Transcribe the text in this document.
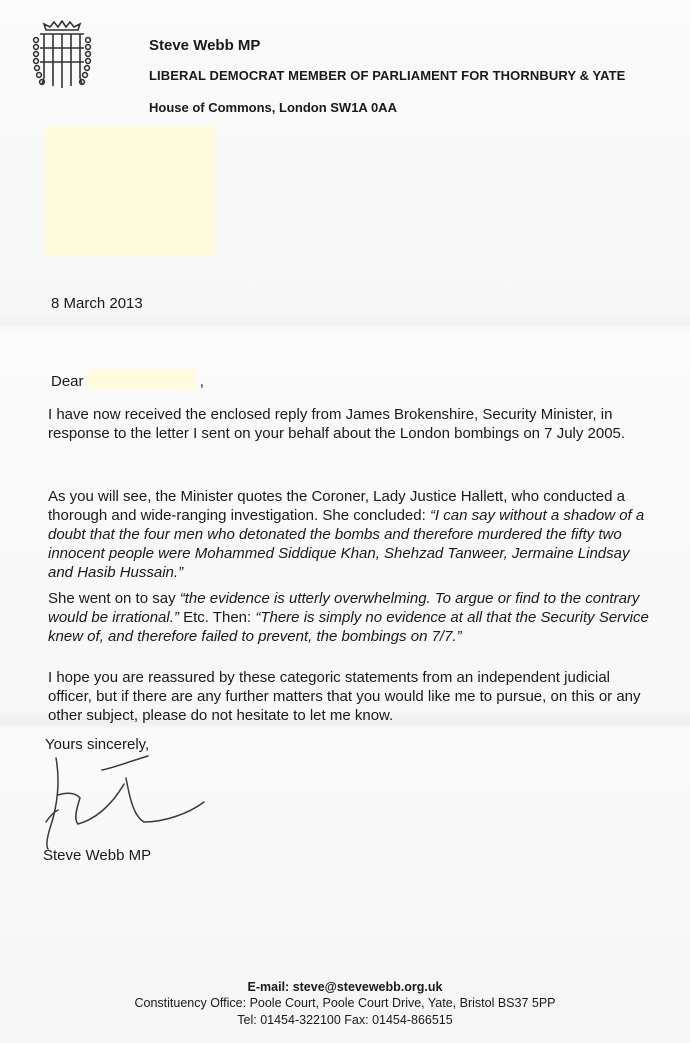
Steve Webb MP
LIBERAL DEMOCRAT MEMBER OF PARLIAMENT FOR THORNBURY & YATE
House of Commons, London SW1A 0AA
8 March 2013
Dear	,
I have now received the enclosed reply from James Brokenshire, Security Minister, in response to the letter I sent on your behalf about the London bombings on 7 July 2005.
As you will see, the Minister quotes the Coroner, Lady Justice Hallett, who conducted a thorough and wide-ranging investigation. She concluded: “I can say without a shadow of a doubt that the four men who detonated the bombs and therefore murdered the fifty two innocent people were Mohammed Siddique Khan, Shehzad Tanweer, Jermaine Lindsay and Hasib Hussain.”
She went on to say “the evidence is utterly overwhelming. To argue or find to the contrary would be irrational.” Etc. Then: “There is simply no evidence at all that the Security Service knew of, and therefore failed to prevent, the bombings on 7/7.”
I hope you are reassured by these categoric statements from an independent judicial officer, but if there are any further matters that you would like me to pursue, on this or any other subject, please do not hesitate to let me know.
Yours sincerely,
Steve Webb MP
E-mail: steve@stevewebb.org.uk
Constituency Office: Poole Court, Poole Court Drive, Yate, Bristol BS37 5PP
Tel: 01454-322100 Fax: 01454-866515
